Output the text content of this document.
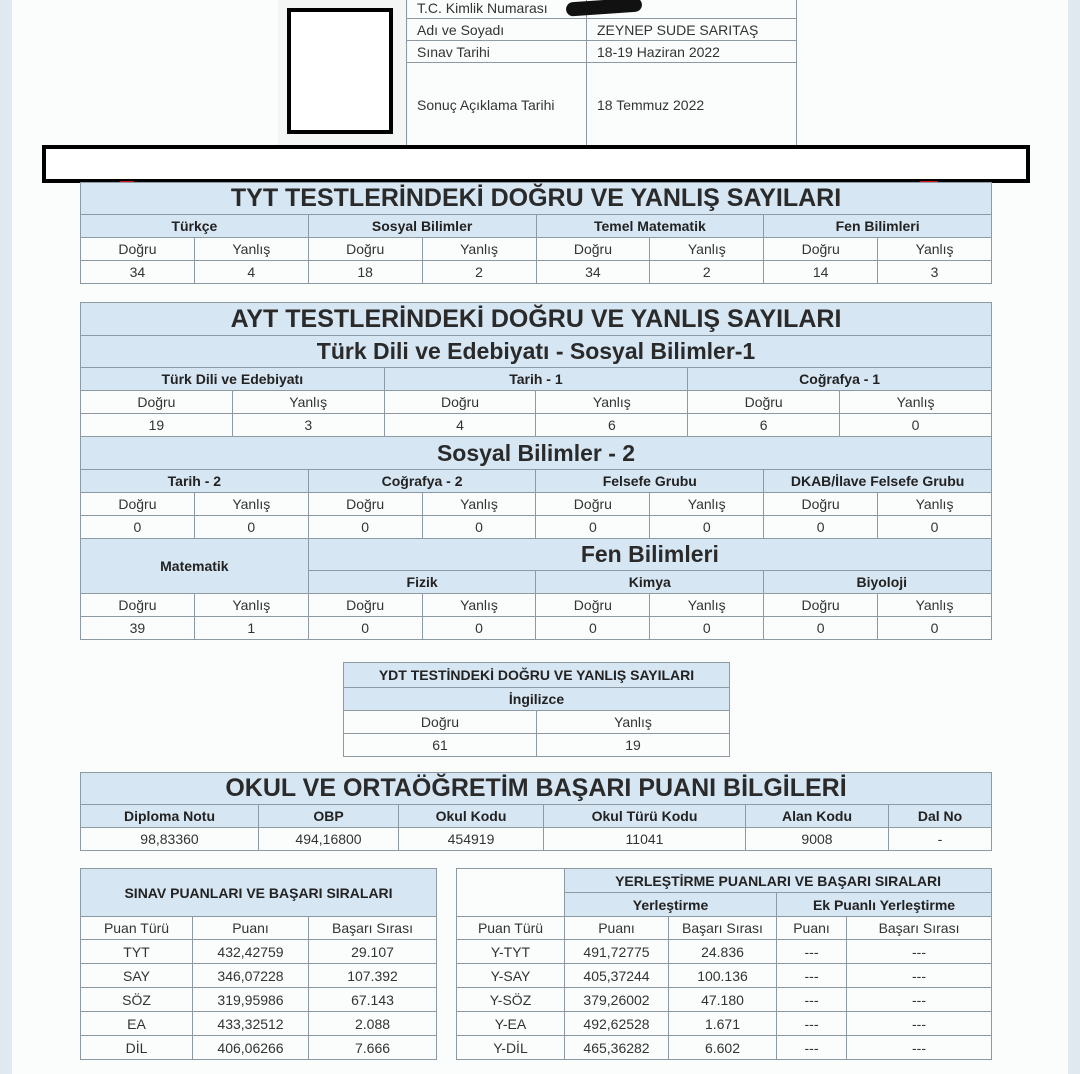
T.C. Kimlik Numarası	
Adı ve Soyadı	ZEYNEP SUDE SARITAŞ
Sınav Tarihi	18-19 Haziran 2022
Sonuç Açıklama Tarihi	18 Temmuz 2022
TYT TESTLERİNDEKİ DOĞRU VE YANLIŞ SAYILARI							
Türkçe		Sosyal Bilimler		Temel Matematik		Fen Bilimleri	
Doğru	Yanlış	Doğru	Yanlış	Doğru	Yanlış	Doğru	Yanlış
34	4	18	2	34	2	14	3
AYT TESTLERİNDEKİ DOĞRU VE YANLIŞ SAYILARI											
Türk Dili ve Edebiyatı - Sosyal Bilimler-1											
Türk Dili ve Edebiyatı				Tarih - 1				Coğrafya - 1			
Doğru		Yanlış		Doğru		Yanlış		Doğru		Yanlış	
19		3		4		6		6		0	
Sosyal Bilimler - 2											
Tarih - 2			Coğrafya - 2			Felsefe Grubu			DKAB/İlave Felsefe Grubu		
Doğru	Yanlış		Doğru		Yanlış	Doğru	Yanlış		Doğru		Yanlış
0	0		0		0	0	0		0		0
Matematik			Fen Bilimleri								
			Fizik			Kimya			Biyoloji		
Doğru	Yanlış		Doğru		Yanlış	Doğru	Yanlış		Doğru		Yanlış
39	1		0		0	0	0		0		0
YDT TESTİNDEKİ DOĞRU VE YANLIŞ SAYILARI	
İngilizce	
Doğru	Yanlış
61	19
OKUL VE ORTAÖĞRETİM BAŞARI PUANI BİLGİLERİ					
Diploma Notu	OBP	Okul Kodu	Okul Türü Kodu	Alan Kodu	Dal No
98,83360	494,16800	454919	11041	9008	-
SINAV PUANLARI VE BAŞARI SIRALARI		
Puan Türü	Puanı	Başarı Sırası
TYT	432,42759	29.107
SAY	346,07228	107.392
SÖZ	319,95986	67.143
EA	433,32512	2.088
DİL	406,06266	7.666
	YERLEŞTİRME PUANLARI VE BAŞARI SIRALARI			
	Yerleştirme		Ek Puanlı Yerleştirme	
Puan Türü	Puanı	Başarı Sırası	Puanı	Başarı Sırası
Y-TYT	491,72775	24.836	---	---
Y-SAY	405,37244	100.136	---	---
Y-SÖZ	379,26002	47.180	---	---
Y-EA	492,62528	1.671	---	---
Y-DİL	465,36282	6.602	---	---
